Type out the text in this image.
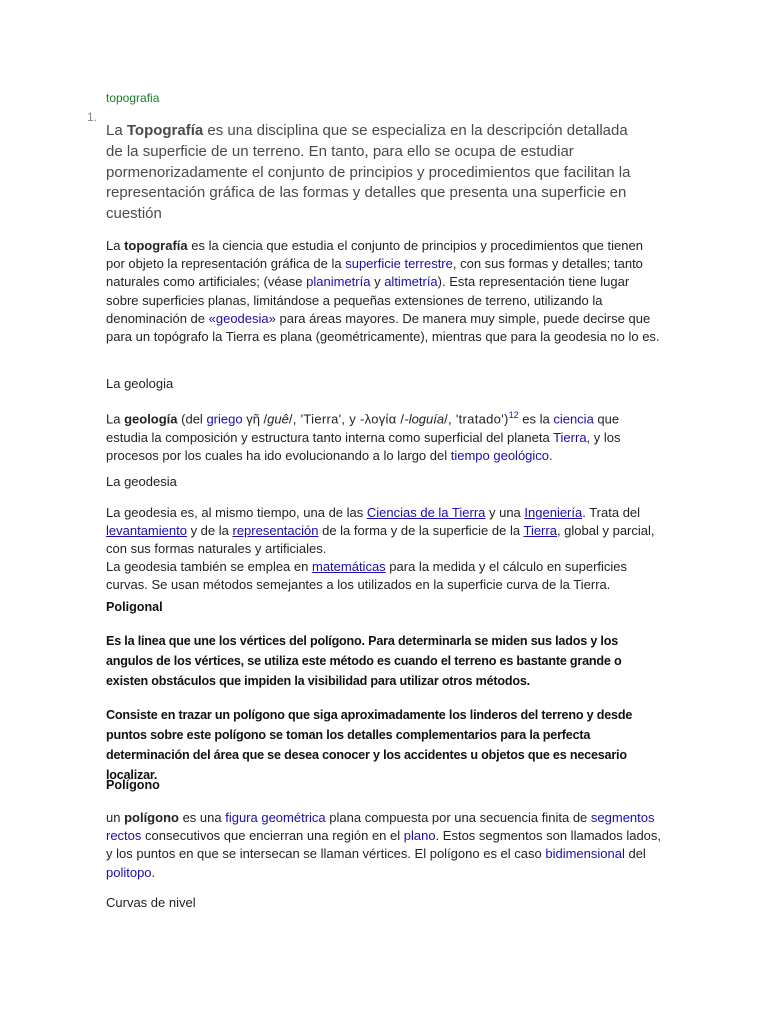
topografia
1.

La Topografía es una disciplina que se especializa en la descripción detallada de la superficie de un terreno. En tanto, para ello se ocupa de estudiar pormenorizadamente el conjunto de principios y procedimientos que facilitan la representación gráfica de las formas y detalles que presenta una superficie en cuestión

La topografía es la ciencia que estudia el conjunto de principios y procedimientos que tienen por objeto la representación gráfica de la superficie terrestre, con sus formas y detalles; tanto naturales como artificiales; (véase planimetría y altimetría). Esta representación tiene lugar sobre superficies planas, limitándose a pequeñas extensiones de terreno, utilizando la denominación de «geodesia» para áreas mayores. De manera muy simple, puede decirse que para un topógrafo la Tierra es plana (geométricamente), mientras que para la geodesia no lo es.

La geologia

La geología (del griego γῆ /guê/, 'Tierra', y -λογία /-loguía/, 'tratado')$^{12}$ es la ciencia que estudia la composición y estructura tanto interna como superficial del planeta Tierra, y los procesos por los cuales ha ido evolucionando a lo largo del tiempo geológico.

La geodesia

La geodesia es, al mismo tiempo, una de las Ciencias de la Tierra y una Ingeniería. Trata del levantamiento y de la representación de la forma y de la superficie de la Tierra, global y parcial, con sus formas naturales y artificiales.

La geodesia también se emplea en matemáticas para la medida y el cálculo en superficies curvas. Se usan métodos semejantes a los utilizados en la superficie curva de la Tierra.

Poligonal

Es la linea que une los vértices del polígono. Para determinarla se miden sus lados y los angulos de los vértices, se utiliza este método es cuando el terreno es bastante grande o existen obstáculos que impiden la visibilidad para utilizar otros métodos.

Consiste en trazar un polígono que siga aproximadamente los linderos del terreno y desde puntos sobre este polígono se toman los detalles complementarios para la perfecta determinación del área que se desea conocer y los accidentes u objetos que es necesario localizar.

Polígono

un polígono es una figura geométrica plana compuesta por una secuencia finita de segmentos rectos consecutivos que encierran una región en el plano. Estos segmentos son llamados lados, y los puntos en que se intersecan se llaman vértices. El polígono es el caso bidimensional del politopo.

Curvas de nivel
